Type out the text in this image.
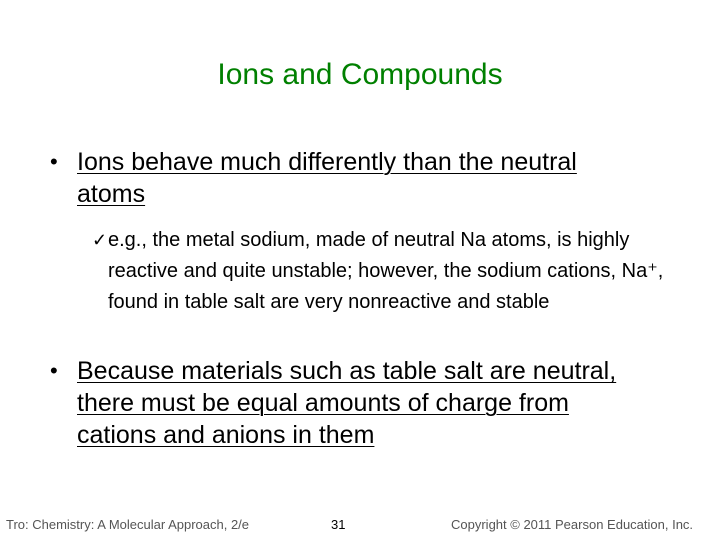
Ions and Compounds
• Ions behave much differently than the neutral atoms
✓ e.g., the metal sodium, made of neutral Na atoms, is highly reactive and quite unstable; however, the sodium cations, Na⁺, found in table salt are very nonreactive and stable
• Because materials such as table salt are neutral, there must be equal amounts of charge from cations and anions in them
Tro: Chemistry: A Molecular Approach, 2/e	31	Copyright © 2011 Pearson Education, Inc.
